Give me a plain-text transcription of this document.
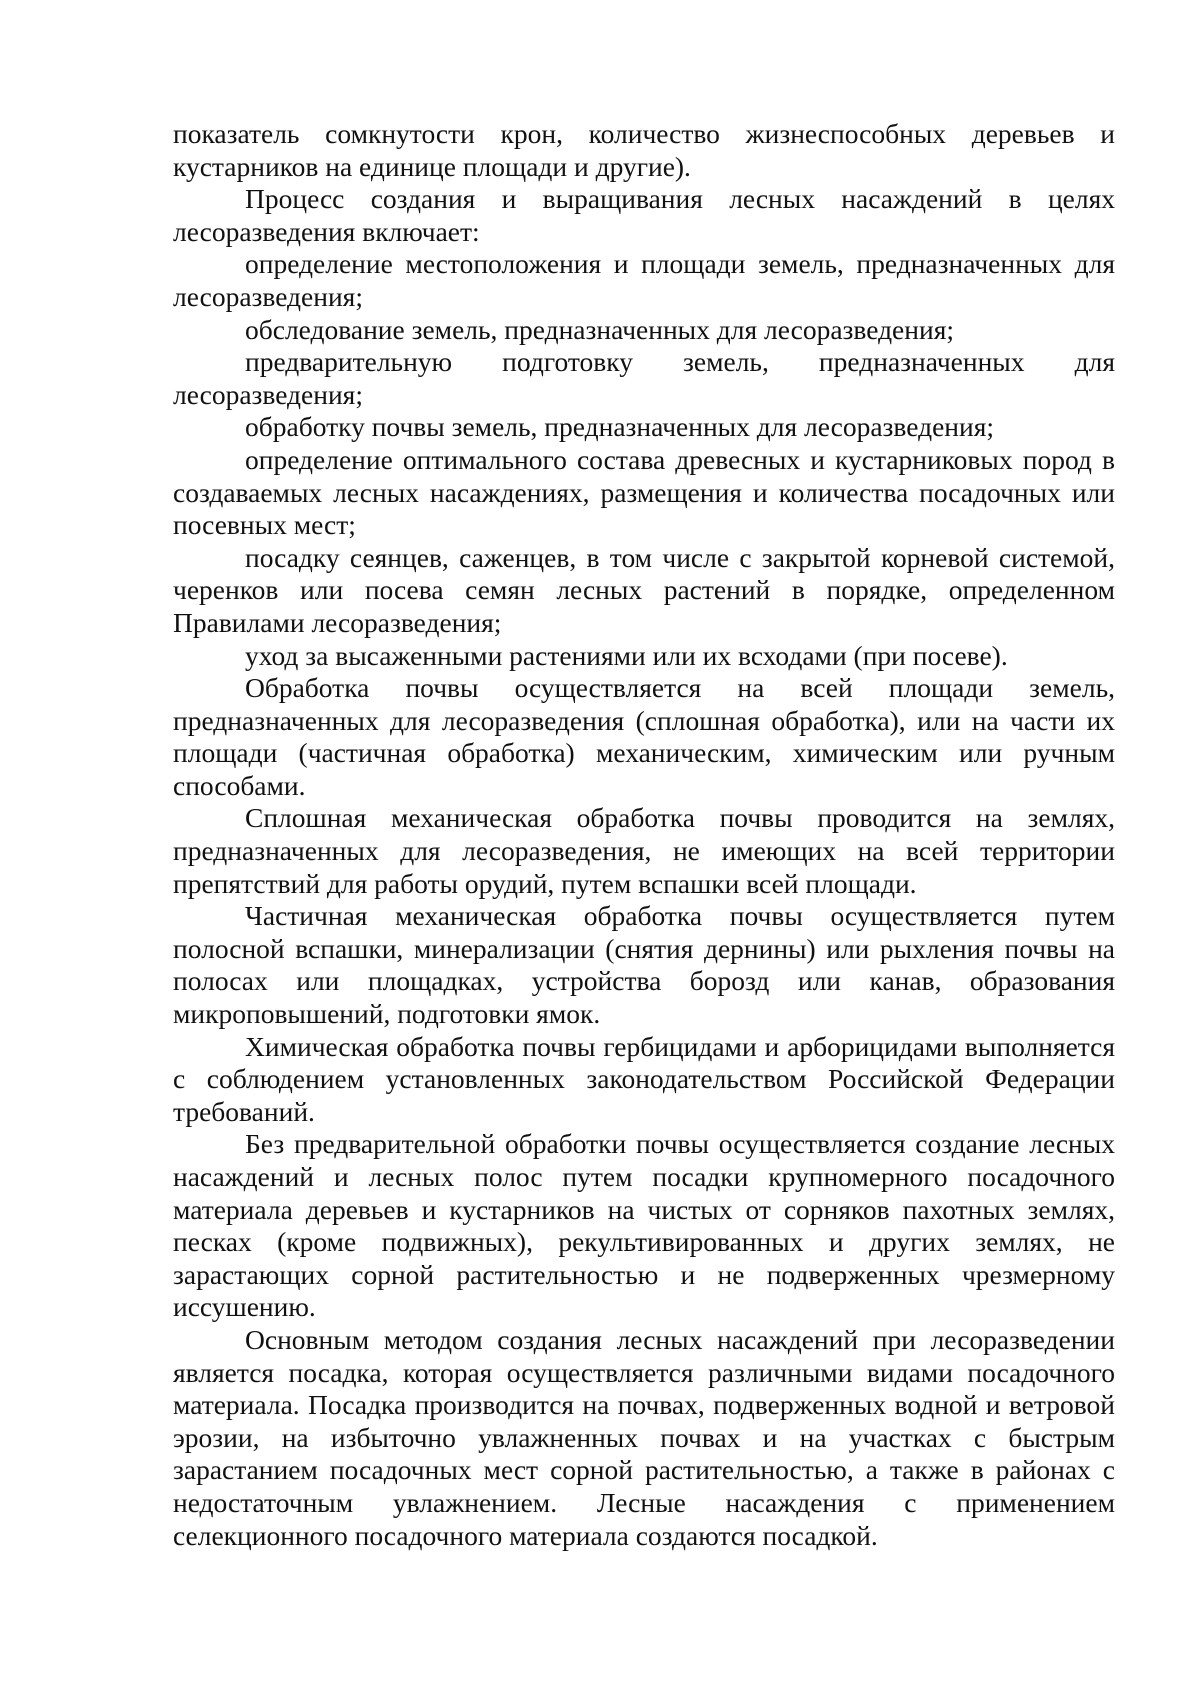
показатель сомкнутости крон, количество жизнеспособных деревьев и кустарников на единице площади и другие).

Процесс создания и выращивания лесных насаждений в целях лесоразведения включает:

определение местоположения и площади земель, предназначенных для лесоразведения;

обследование земель, предназначенных для лесоразведения;

предварительную подготовку земель, предназначенных для лесоразведения;

обработку почвы земель, предназначенных для лесоразведения;

определение оптимального состава древесных и кустарниковых пород в создаваемых лесных насаждениях, размещения и количества посадочных или посевных мест;

посадку сеянцев, саженцев, в том числе с закрытой корневой системой, черенков или посева семян лесных растений в порядке, определенном Правилами лесоразведения;

уход за высаженными растениями или их всходами (при посеве).

Обработка почвы осуществляется на всей площади земель, предназначенных для лесоразведения (сплошная обработка), или на части их площади (частичная обработка) механическим, химическим или ручным способами.

Сплошная механическая обработка почвы проводится на землях, предназначенных для лесоразведения, не имеющих на всей территории препятствий для работы орудий, путем вспашки всей площади.

Частичная механическая обработка почвы осуществляется путем полосной вспашки, минерализации (снятия дернины) или рыхления почвы на полосах или площадках, устройства борозд или канав, образования микроповышений, подготовки ямок.

Химическая обработка почвы гербицидами и арборицидами выполняется с соблюдением установленных законодательством Российской Федерации требований.

Без предварительной обработки почвы осуществляется создание лесных насаждений и лесных полос путем посадки крупномерного посадочного материала деревьев и кустарников на чистых от сорняков пахотных землях, песках (кроме подвижных), рекультивированных и других землях, не зарастающих сорной растительностью и не подверженных чрезмерному иссушению.

Основным методом создания лесных насаждений при лесоразведении является посадка, которая осуществляется различными видами посадочного материала. Посадка производится на почвах, подверженных водной и ветровой эрозии, на избыточно увлажненных почвах и на участках с быстрым зарастанием посадочных мест сорной растительностью, а также в районах с недостаточным увлажнением. Лесные насаждения с применением селекционного посадочного материала создаются посадкой.
